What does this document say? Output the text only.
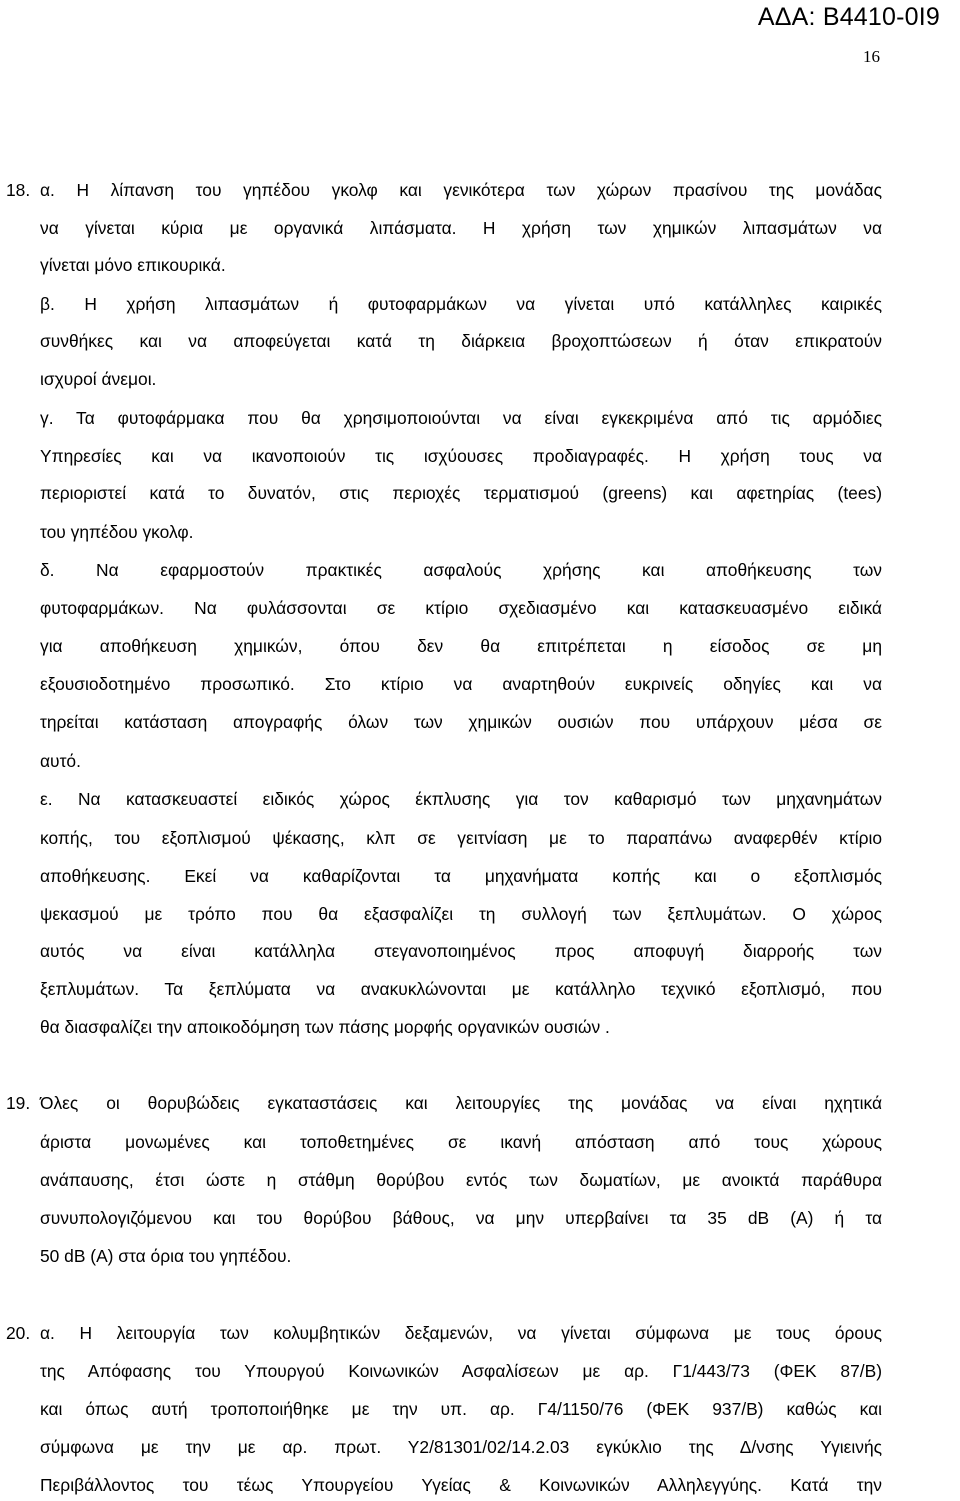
ΑΔΑ: Β4410-0Ι9
16
18. α. Η λίπανση του γηπέδου γκολφ και γενικότερα των χώρων πρασίνου της μονάδας
να γίνεται κύρια με οργανικά λιπάσματα. Η χρήση των χημικών λιπασμάτων να
γίνεται μόνο επικουρικά.
β. Η χρήση λιπασμάτων ή φυτοφαρμάκων να γίνεται υπό κατάλληλες καιρικές
συνθήκες και να αποφεύγεται κατά τη διάρκεια βροχοπτώσεων ή όταν επικρατούν
ισχυροί άνεμοι.
γ. Τα φυτοφάρμακα που θα χρησιμοποιούνται να είναι εγκεκριμένα από τις αρμόδιες
Υπηρεσίες και να ικανοποιούν τις ισχύουσες προδιαγραφές. Η χρήση τους να
περιοριστεί κατά το δυνατόν, στις περιοχές τερματισμού (greens) και αφετηρίας (tees)
του γηπέδου γκολφ.
δ. Να εφαρμοστούν πρακτικές ασφαλούς χρήσης και αποθήκευσης των
φυτοφαρμάκων. Να φυλάσσονται σε κτίριο σχεδιασμένο και κατασκευασμένο ειδικά
για αποθήκευση χημικών, όπου δεν θα επιτρέπεται η είσοδος σε μη
εξουσιοδοτημένο προσωπικό. Στο κτίριο να αναρτηθούν ευκρινείς οδηγίες και να
τηρείται κατάσταση απογραφής όλων των χημικών ουσιών που υπάρχουν μέσα σε
αυτό.
ε. Να κατασκευαστεί ειδικός χώρος έκπλυσης για τον καθαρισμό των μηχανημάτων
κοπής, του εξοπλισμού ψέκασης, κλπ σε γειτνίαση με το παραπάνω αναφερθέν κτίριο
αποθήκευσης. Εκεί να καθαρίζονται τα μηχανήματα κοπής και ο εξοπλισμός
ψεκασμού με τρόπο που θα εξασφαλίζει τη συλλογή των ξεπλυμάτων. Ο χώρος
αυτός να είναι κατάλληλα στεγανοποιημένος προς αποφυγή διαρροής των
ξεπλυμάτων. Τα ξεπλύματα να ανακυκλώνονται με κατάλληλο τεχνικό εξοπλισμό, που
θα διασφαλίζει την αποικοδόμηση των πάσης μορφής οργανικών ουσιών .
19. Όλες οι θορυβώδεις εγκαταστάσεις και λειτουργίες της μονάδας να είναι ηχητικά
άριστα μονωμένες και τοποθετημένες σε ικανή απόσταση από τους χώρους
ανάπαυσης, έτσι ώστε η στάθμη θορύβου εντός των δωματίων, με ανοικτά παράθυρα
συνυπολογιζόμενου και του θορύβου βάθους, να μην υπερβαίνει τα 35 dB (A) ή τα
50 dB (A) στα όρια του γηπέδου.
20. α. Η λειτουργία των κολυμβητικών δεξαμενών, να γίνεται σύμφωνα με τους όρους
της Απόφασης του Υπουργού Κοινωνικών Ασφαλίσεων με αρ. Γ1/443/73 (ΦΕΚ 87/Β)
και όπως αυτή τροποποιήθηκε με την υπ. αρ. Γ4/1150/76 (ΦΕΚ 937/Β) καθώς και
σύμφωνα με την με αρ. πρωτ. Υ2/81301/02/14.2.03 εγκύκλιο της Δ/νσης Υγιεινής
Περιβάλλοντος του τέως Υπουργείου Υγείας & Κοινωνικών Αλληλεγγύης. Κατά την
